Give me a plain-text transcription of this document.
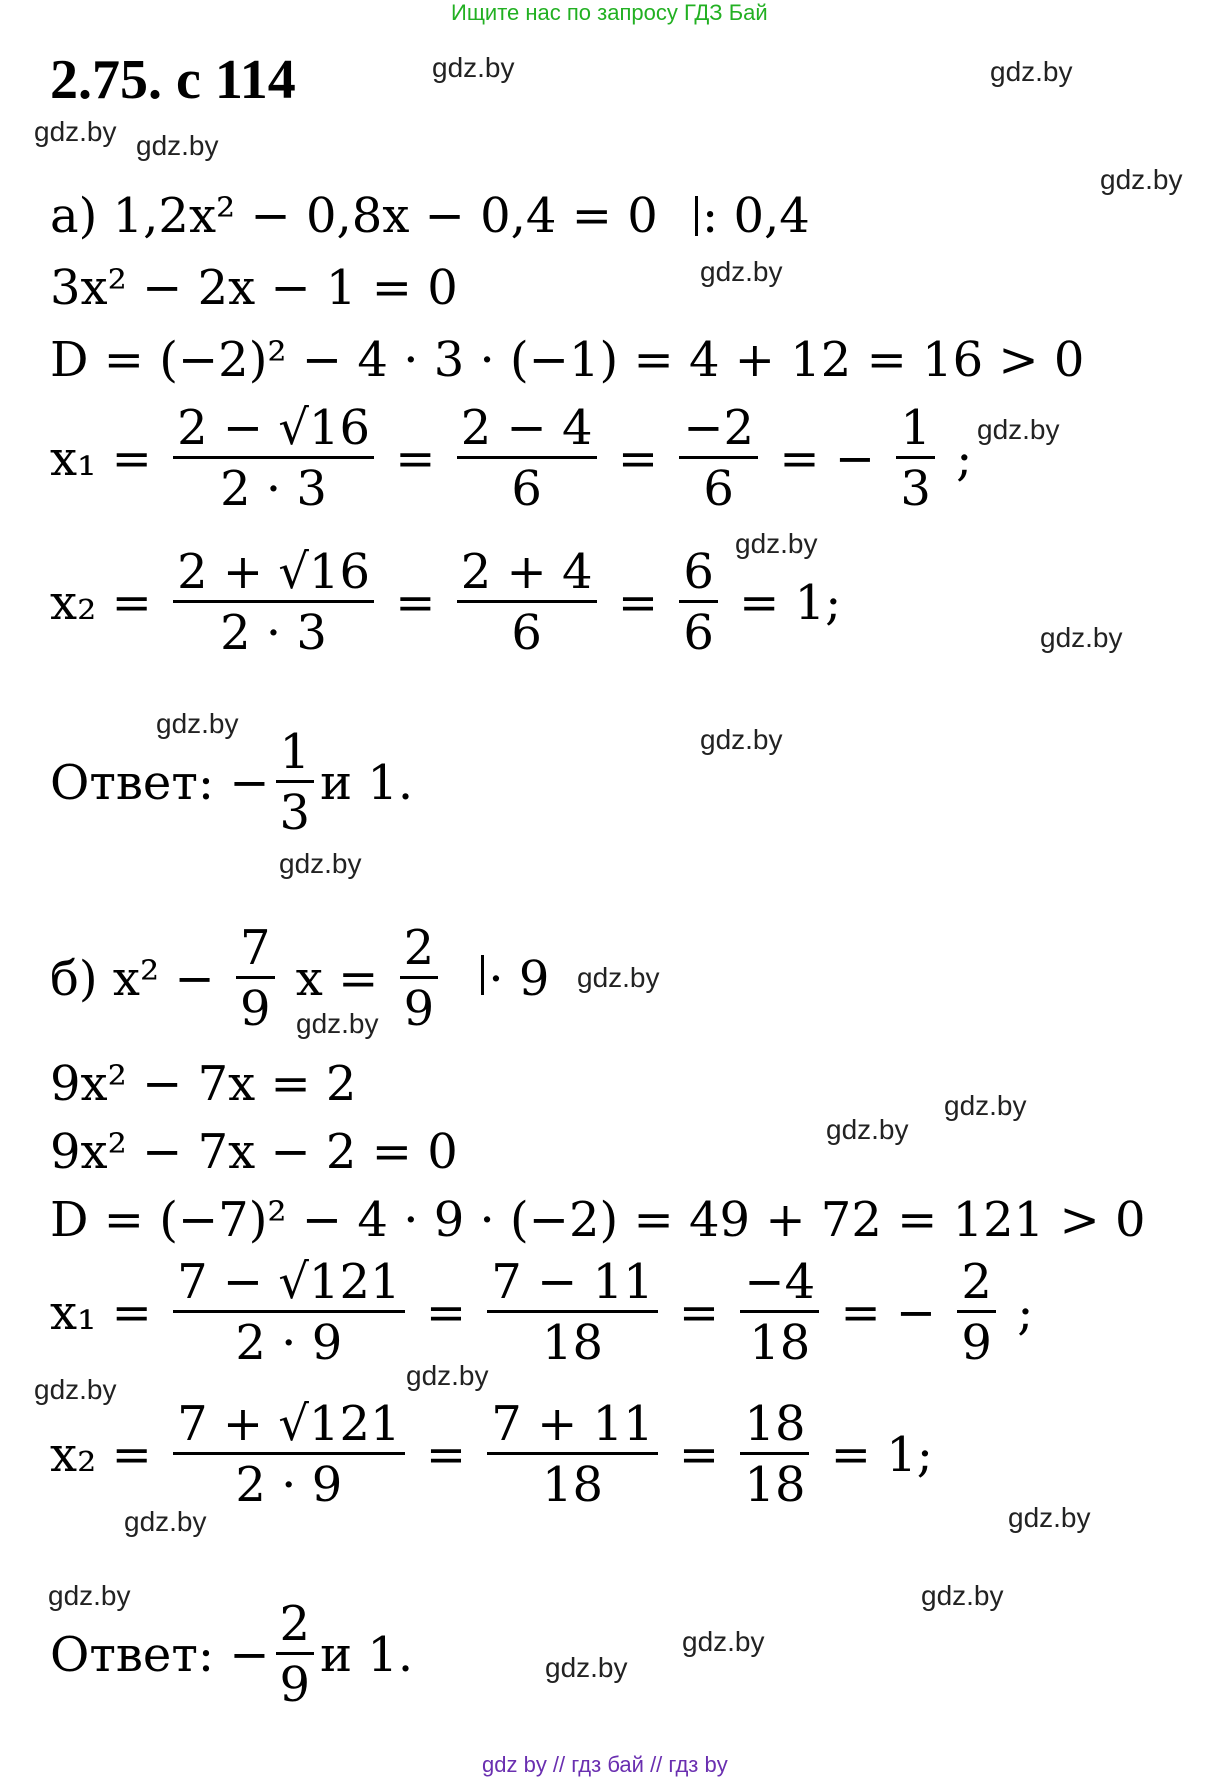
Ищите нас по запросу ГДЗ Бай
2.75. с 114	gdz.by	gdz.by
gdz.by gdz.by
gdz.by
gdz.by
gdz.by
gdz.by
gdz.by
gdz.by
gdz.by
gdz.by
gdz.by
gdz.by
gdz.by
gdz.by
gdz.by	gdz.by
gdz.by	gdz.by
gdz.by	gdz.by
gdz.by
gdz.by
а) 1,2x² − 0,8x − 0,4 = 0 : 0,4
3x² − 2x − 1 = 0
D = (−2)² − 4 · 3 · (−1) = 4 + 12 = 16 > 0
$x_1 = \frac{2 - √16}{2 \cdot 3} = \frac{2 - 4}{6} = \frac{-2}{6}$ = − $\frac{1}{3}$ ;
$x_2 = \frac{2 + √16}{2 \cdot 3} = \frac{2 + 4}{6} = \frac{6}{6} = 1$;
Ответ: − $\frac{1}{3}$ и 1.
б) $x^2 - \frac{7}{9}$ $x = \frac{2}{9} \cdot 9$
9x² − 7x = 2
9x² − 7x − 2 = 0
D = (−7)² − 4 · 9 · (−2) = 49 + 72 = 121 > 0
$x_1 = \frac{7 - √121}{2 \cdot 9} = \frac{7 - 11}{18} = \frac{-4}{18}$ = − $\frac{2}{9}$ ;
$x_2 = \frac{7 + √121}{2 \cdot 9} = \frac{7 + 11}{18} = \frac{18}{18} = 1$;
Ответ: − $\frac{2}{9}$ и 1.
gdz by // гдз бай // гдз by
